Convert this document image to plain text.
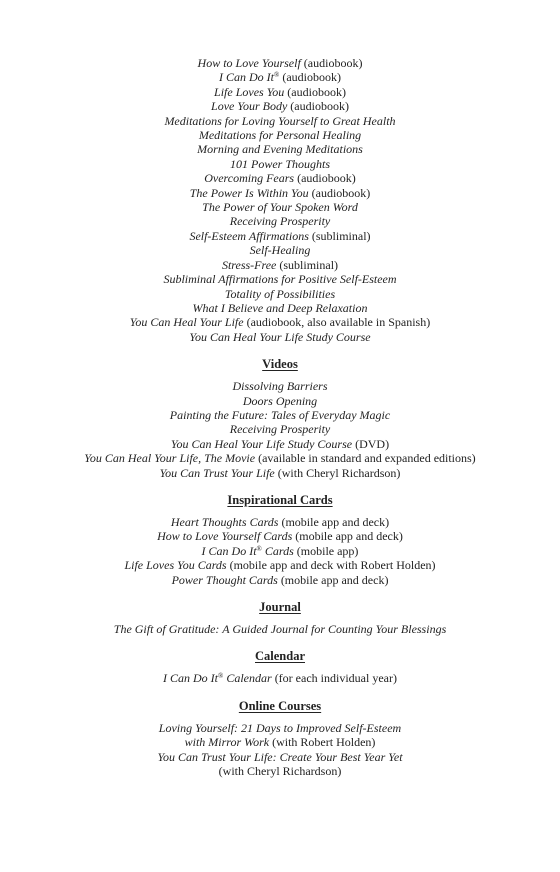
How to Love Yourself (audiobook)
I Can Do It® (audiobook)
Life Loves You (audiobook)
Love Your Body (audiobook)
Meditations for Loving Yourself to Great Health
Meditations for Personal Healing
Morning and Evening Meditations
101 Power Thoughts
Overcoming Fears (audiobook)
The Power Is Within You (audiobook)
The Power of Your Spoken Word
Receiving Prosperity
Self-Esteem Affirmations (subliminal)
Self-Healing
Stress-Free (subliminal)
Subliminal Affirmations for Positive Self-Esteem
Totality of Possibilities
What I Believe and Deep Relaxation
You Can Heal Your Life (audiobook, also available in Spanish)
You Can Heal Your Life Study Course
Videos
Dissolving Barriers
Doors Opening
Painting the Future: Tales of Everyday Magic
Receiving Prosperity
You Can Heal Your Life Study Course (DVD)
You Can Heal Your Life, The Movie (available in standard and expanded editions)
You Can Trust Your Life (with Cheryl Richardson)
Inspirational Cards
Heart Thoughts Cards (mobile app and deck)
How to Love Yourself Cards (mobile app and deck)
I Can Do It® Cards (mobile app)
Life Loves You Cards (mobile app and deck with Robert Holden)
Power Thought Cards (mobile app and deck)
Journal
The Gift of Gratitude: A Guided Journal for Counting Your Blessings
Calendar
I Can Do It® Calendar (for each individual year)
Online Courses
Loving Yourself: 21 Days to Improved Self-Esteem
with Mirror Work (with Robert Holden)
You Can Trust Your Life: Create Your Best Year Yet
(with Cheryl Richardson)
